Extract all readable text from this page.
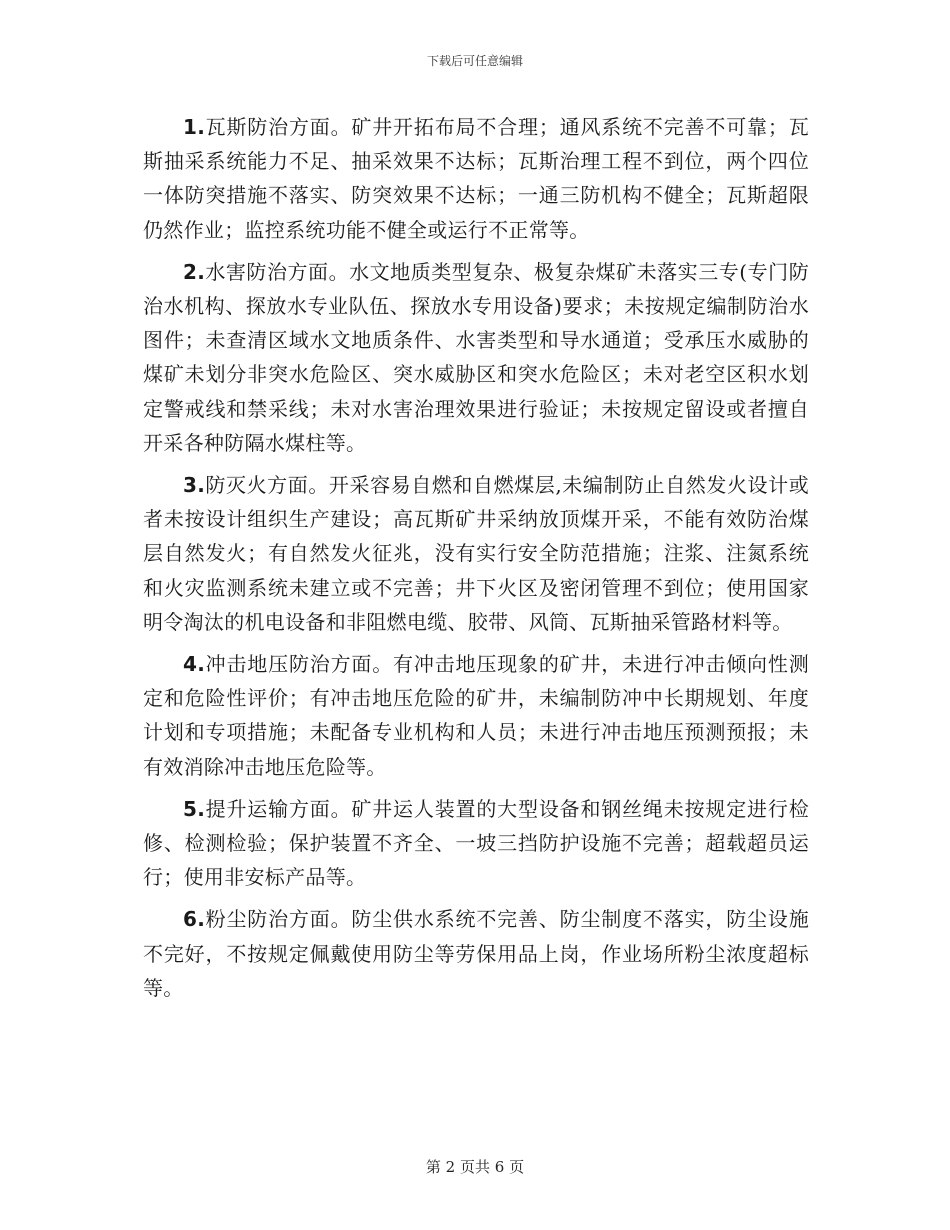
下载后可任意编辑

1.瓦斯防治方面。矿井开拓布局不合理；通风系统不完善不可靠；瓦斯抽采系统能力不足、抽采效果不达标；瓦斯治理工程不到位，两个四位一体防突措施不落实、防突效果不达标；一通三防机构不健全；瓦斯超限仍然作业；监控系统功能不健全或运行不正常等。

2.水害防治方面。水文地质类型复杂、极复杂煤矿未落实三专(专门防治水机构、探放水专业队伍、探放水专用设备)要求；未按规定编制防治水图件；未查清区域水文地质条件、水害类型和导水通道；受承压水威胁的煤矿未划分非突水危险区、突水威胁区和突水危险区；未对老空区积水划定警戒线和禁采线；未对水害治理效果进行验证；未按规定留设或者擅自开采各种防隔水煤柱等。

3.防灭火方面。开采容易自燃和自燃煤层,未编制防止自然发火设计或者未按设计组织生产建设；高瓦斯矿井采纳放顶煤开采，不能有效防治煤层自然发火；有自然发火征兆，没有实行安全防范措施；注浆、注氮系统和火灾监测系统未建立或不完善；井下火区及密闭管理不到位；使用国家明令淘汰的机电设备和非阻燃电缆、胶带、风筒、瓦斯抽采管路材料等。

4.冲击地压防治方面。有冲击地压现象的矿井，未进行冲击倾向性测定和危险性评价；有冲击地压危险的矿井，未编制防冲中长期规划、年度计划和专项措施；未配备专业机构和人员；未进行冲击地压预测预报；未有效消除冲击地压危险等。

5.提升运输方面。矿井运人装置的大型设备和钢丝绳未按规定进行检修、检测检验；保护装置不齐全、一坡三挡防护设施不完善；超载超员运行；使用非安标产品等。

6.粉尘防治方面。防尘供水系统不完善、防尘制度不落实，防尘设施不完好，不按规定佩戴使用防尘等劳保用品上岗，作业场所粉尘浓度超标等。

第 2 页共 6 页
